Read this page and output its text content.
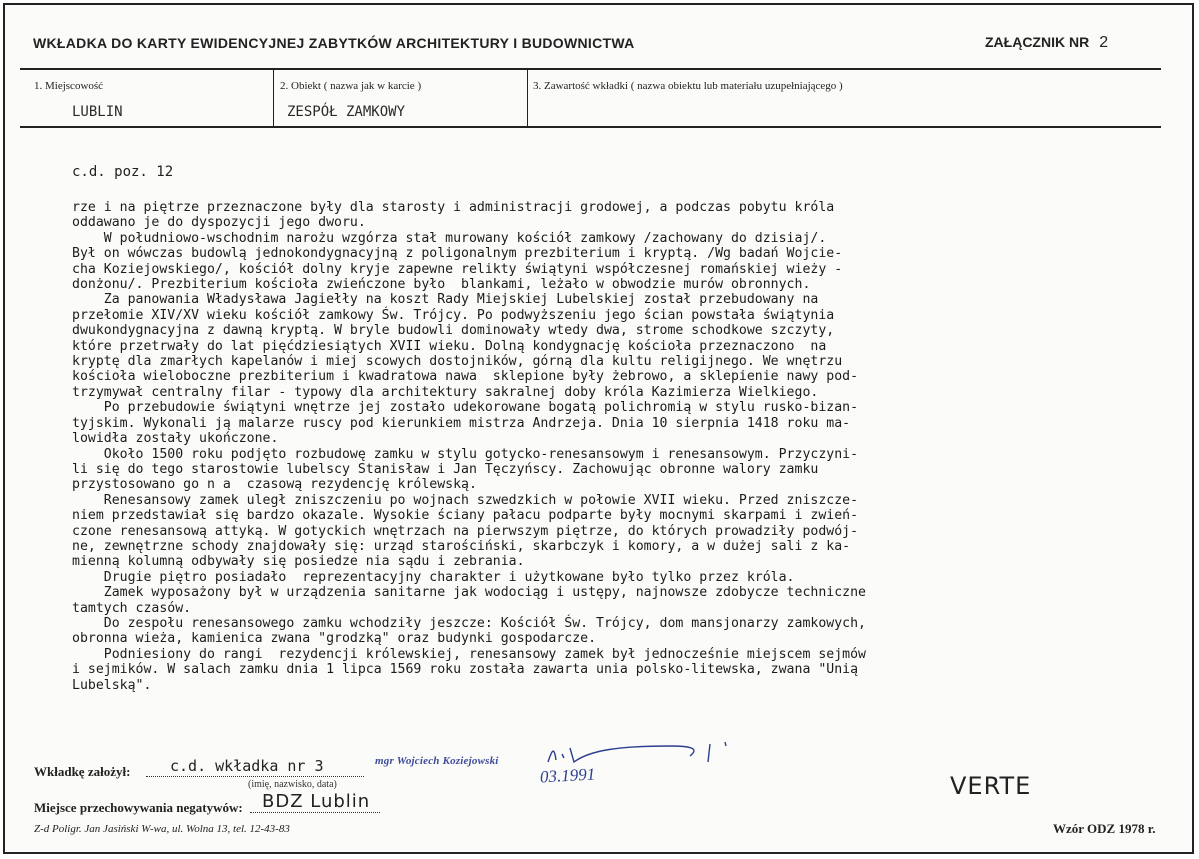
WKŁADKA DO KARTY EWIDENCYJNEJ ZABYTKÓW ARCHITEKTURY I BUDOWNICTWA	ZAŁĄCZNIK NR 2
1. Miejscowość
LUBLIN
2. Obiekt ( nazwa jak w karcie )
ZESPÓŁ ZAMKOWY
3. Zawartość wkładki ( nazwa obiektu lub materiału uzupełniającego )
c.d. poz. 12
rze i na piętrze przeznaczone były dla starosty i administracji grodowej, a podczas pobytu króla
oddawano je do dyspozycji jego dworu.
W południowo-wschodnim narożu wzgórza stał murowany kościół zamkowy /zachowany do dzisiaj/.
Był on wówczas budowlą jednokondygnacyjną z poligonalnym prezbiterium i kryptą. /Wg badań Wojcie-
cha Koziejowskiego/, kościół dolny kryje zapewne relikty świątyni współczesnej romańskiej wieży -
donżonu/. Prezbiterium kościoła zwieńczone było  blankami, leżało w obwodzie murów obronnych.
Za panowania Władysława Jagiełły na koszt Rady Miejskiej Lubelskiej został przebudowany na
przełomie XIV/XV wieku kościół zamkowy Św. Trójcy. Po podwyższeniu jego ścian powstała świątynia
dwukondygnacyjna z dawną kryptą. W bryle budowli dominowały wtedy dwa, strome schodkowe szczyty,
które przetrwały do lat pięćdziesiątych XVII wieku. Dolną kondygnację kościoła przeznaczono  na
kryptę dla zmarłych kapelanów i miej scowych dostojników, górną dla kultu religijnego. We wnętrzu
kościoła wieloboczne prezbiterium i kwadratowa nawa  sklepione były żebrowo, a sklepienie nawy pod-
trzymywał centralny filar - typowy dla architektury sakralnej doby króla Kazimierza Wielkiego.
Po przebudowie świątyni wnętrze jej zostało udekorowane bogatą polichromią w stylu rusko-bizan-
tyjskim. Wykonali ją malarze ruscy pod kierunkiem mistrza Andrzeja. Dnia 10 sierpnia 1418 roku ma-
lowidła zostały ukończone.
Około 1500 roku podjęto rozbudowę zamku w stylu gotycko-renesansowym i renesansowym. Przyczyni-
li się do tego starostowie lubelscy Stanisław i Jan Tęczyńscy. Zachowując obronne walory zamku
przystosowano go n a  czasową rezydencję królewską.
Renesansowy zamek uległ zniszczeniu po wojnach szwedzkich w połowie XVII wieku. Przed zniszcze-
niem przedstawiał się bardzo okazale. Wysokie ściany pałacu podparte były mocnymi skarpami i zwień-
czone renesansową attyką. W gotyckich wnętrzach na pierwszym piętrze, do których prowadziły podwój-
ne, zewnętrzne schody znajdowały się: urząd starościński, skarbczyk i komory, a w dużej sali z ka-
mienną kolumną odbywały się posiedze nia sądu i zebrania.
Drugie piętro posiadało  reprezentacyjny charakter i użytkowane było tylko przez króla.
Zamek wyposażony był w urządzenia sanitarne jak wodociąg i ustępy, najnowsze zdobycze techniczne
tamtych czasów.
Do zespołu renesansowego zamku wchodziły jeszcze: Kościół Św. Trójcy, dom mansjonarzy zamkowych,
obronna wieża, kamienica zwana "grodzką" oraz budynki gospodarcze.
Podniesiony do rangi  rezydencji królewskiej, renesansowy zamek był jednocześnie miejscem sejmów
i sejmików. W salach zamku dnia 1 lipca 1569 roku została zawarta unia polsko-litewska, zwana "Unią
Lubelską".
Wkładkę założył:	c.d. wkładka nr 3
(imię, nazwisko, data)
mgr Wojciech Koziejowski
03.1991	VERTE
Miejsce przechowywania negatywów: BDZ Lublin
Z-d Poligr. Jan Jasiński W-wa, ul. Wolna 13, tel. 12-43-83	Wzór ODZ 1978 r.
